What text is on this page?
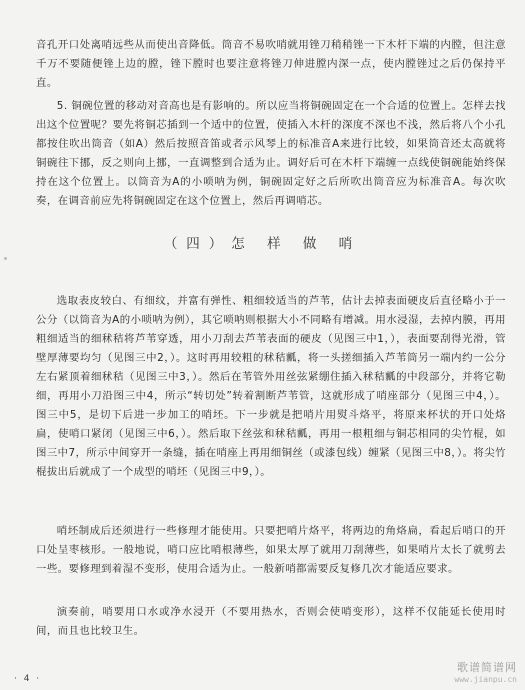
音孔开口处离哨远些从而使出音降低。筒音不易吹哨就用锉刀稍稍锉一下木杆下端的内膛，但注意千万不要随便锉上边的膛，锉下膛时也要注意将锉刀伸进膛内深一点，使内膛锉过之后仍保持平直。

5. 铜碗位置的移动对音高也是有影响的。所以应当将铜碗固定在一个合适的位置上。怎样去找出这个位置呢？要先将铜芯插到一个适中的位置，使插入木杆的深度不深也不浅，然后将八个小孔都按住吹出筒音（如A）然后按照音笛或者示风琴上的标准音A来进行比较，如果筒音还太高就将铜碗往下挪，反之则向上挪，一直调整到合适为止。调好后可在木杆下端缠一点线使铜碗能始终保持在这个位置上。以筒音为A的小唢呐为例，铜碗固定好之后所吹出筒音应为标准音A。每次吹奏，在调音前应先将铜碗固定在这个位置上，然后再调哨芯。

（四）怎 样 做 哨

选取表皮较白、有细纹，并富有弹性、粗细较适当的芦苇，估计去掉表面硬皮后直径略小于一公分（以筒音为A的小唢呐为例），其它唢呐则根据大小不同略有增减。用水浸湿，去掉内膜，再用粗细适当的细秫秸将芦苇穿透，用小刀刮去芦苇表面的硬皮（见图三中1，），表面要刮得光滑，管壁厚薄要均匀（见图三中2，）。这时再用较粗的秫秸瓤，将一头搓细插入芦苇筒另一端内约一公分左右紧顶着细秫秸（见图三中3，）。然后在苇管外用丝弦紧绷住插入秫秸瓤的中段部分，并将它勒细，再用小刀沿图三中4，所示“转切处”转着割断芦苇管，这就形成了哨座部分（见图三中4，）。图三中5，是切下后进一步加工的哨坯。下一步就是把哨片用熨斗烙平，将原来杯状的开口处烙扁，使哨口紧闭（见图三中6，）。然后取下丝弦和秫秸瓤，再用一根粗细与铜芯相同的尖竹棍，如图三中7，所示中间穿开一条缝，插在哨座上再用细铜丝（或漆包线）缠紧（见图三中8，）。将尖竹棍拔出后就成了一个成型的哨坯（见图三中9，）。

哨坯制成后还须进行一些修理才能使用。只要把哨片烙平，将两边的角烙扁，看起后哨口的开口处呈枣核形。一般地说，哨口应比哨根薄些，如果太厚了就用刀刮薄些，如果哨片太长了就剪去一些。要修理到着湿不变形，使用合适为止。一般新哨都需要反复修几次才能适应要求。

演奏前，哨要用口水或净水浸开（不要用热水，否则会使哨变形），这样不仅能延长使用时间，而且也比较卫生。

· 4 ·
歌谱简谱网
www.jianpu.cn
